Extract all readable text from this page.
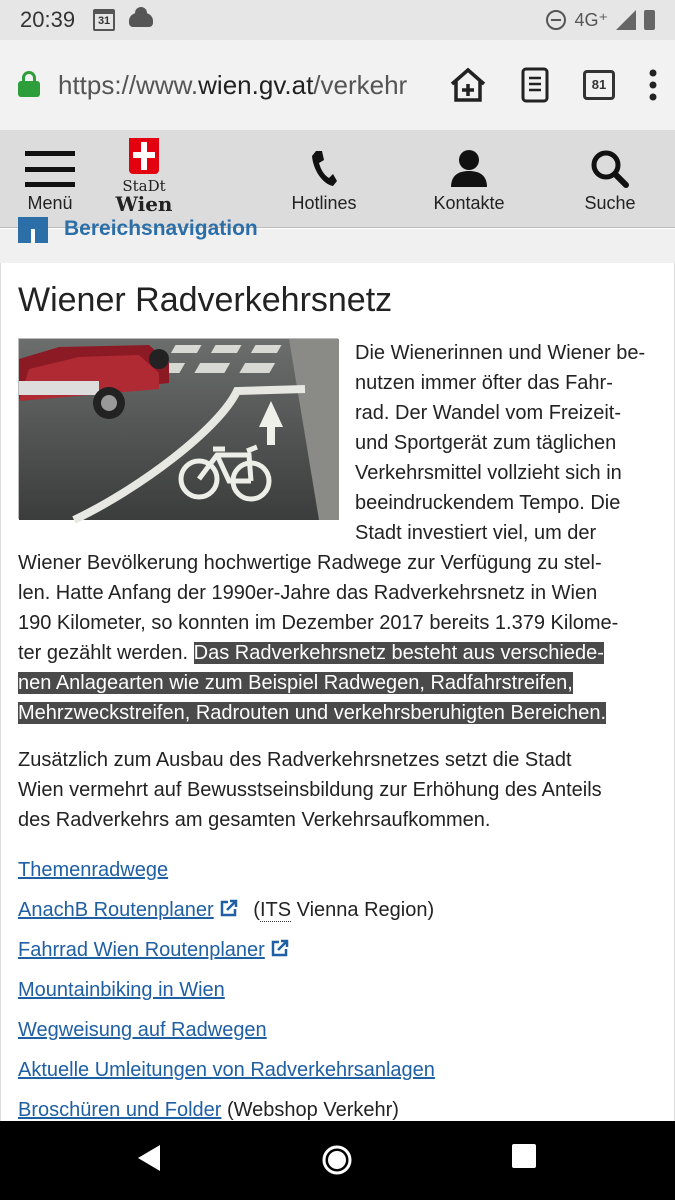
20:39	31	4G⁺
https://www.wien.gv.at/verkehr	81
Menü
StaDt
Wien	Hotlines	Kontakte	Suche
Bereichsnavigation
Wiener Radverkehrsnetz
Die Wienerinnen und Wiener be-
nutzen immer öfter das Fahr-
rad. Der Wandel vom Freizeit-
und Sportgerät zum täglichen
Verkehrsmittel vollzieht sich in
beeindruckendem Tempo. Die
Stadt investiert viel, um der
Wiener Bevölkerung hochwertige Radwege zur Verfügung zu stel-
len. Hatte Anfang der 1990er-Jahre das Radverkehrsnetz in Wien
190 Kilometer, so konnten im Dezember 2017 bereits 1.379 Kilome-
ter gezählt werden. Das Radverkehrsnetz besteht aus verschiede-
nen Anlagearten wie zum Beispiel Radwegen, Radfahrstreifen,
Mehrzweckstreifen, Radrouten und verkehrsberuhigten Bereichen.
Zusätzlich zum Ausbau des Radverkehrsnetzes setzt die Stadt
Wien vermehrt auf Bewusstseinsbildung zur Erhöhung des Anteils
des Radverkehrs am gesamten Verkehrsaufkommen.
Themenradwege
AnachB Routenplaner (ITS Vienna Region)
Fahrrad Wien Routenplaner
Mountainbiking in Wien
Wegweisung auf Radwegen
Aktuelle Umleitungen von Radverkehrsanlagen
Broschüren und Folder (Webshop Verkehr)
